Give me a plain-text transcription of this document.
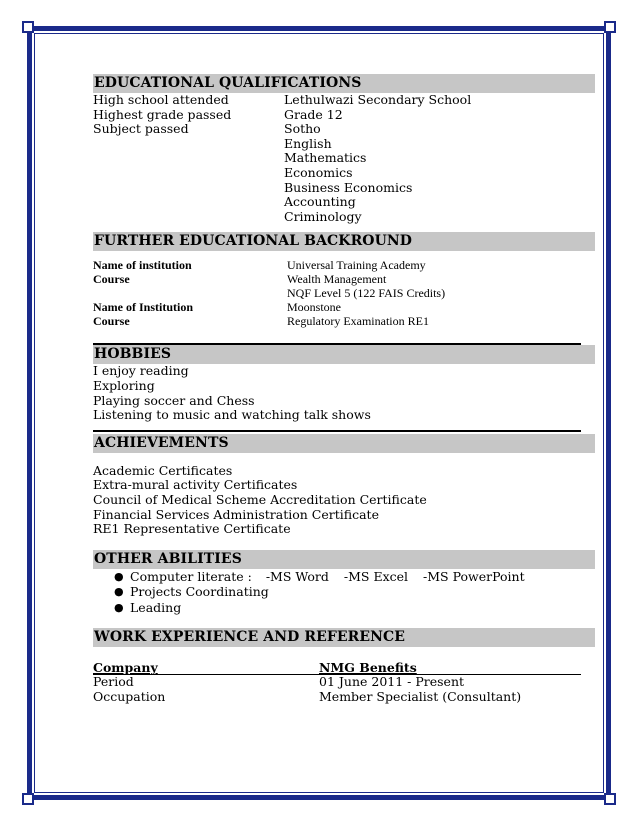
EDUCATIONAL QUALIFICATIONS
High school attended	Lethulwazi Secondary School
Highest grade passed	Grade 12
Subject passed	Sotho
English
Mathematics
Economics
Business Economics
Accounting
Criminology
FURTHER EDUCATIONAL BACKROUND
Name of institution	Universal Training Academy
Course	Wealth Management
NQF Level 5 (122 FAIS Credits)
Name of Institution	Moonstone
Course	Regulatory Examination RE1
HOBBIES
I enjoy reading
Exploring
Playing soccer and Chess
Listening to music and watching talk shows
ACHIEVEMENTS
Academic Certificates
Extra-mural activity Certificates
Council of Medical Scheme Accreditation Certificate
Financial Services Administration Certificate
RE1 Representative Certificate
OTHER ABILITIES
● Computer literate : -MS Word -MS Excel -MS PowerPoint
● Projects Coordinating
● Leading
WORK EXPERIENCE AND REFERENCE
Company	NMG Benefits
Period	01 June 2011 - Present
Occupation	Member Specialist (Consultant)
